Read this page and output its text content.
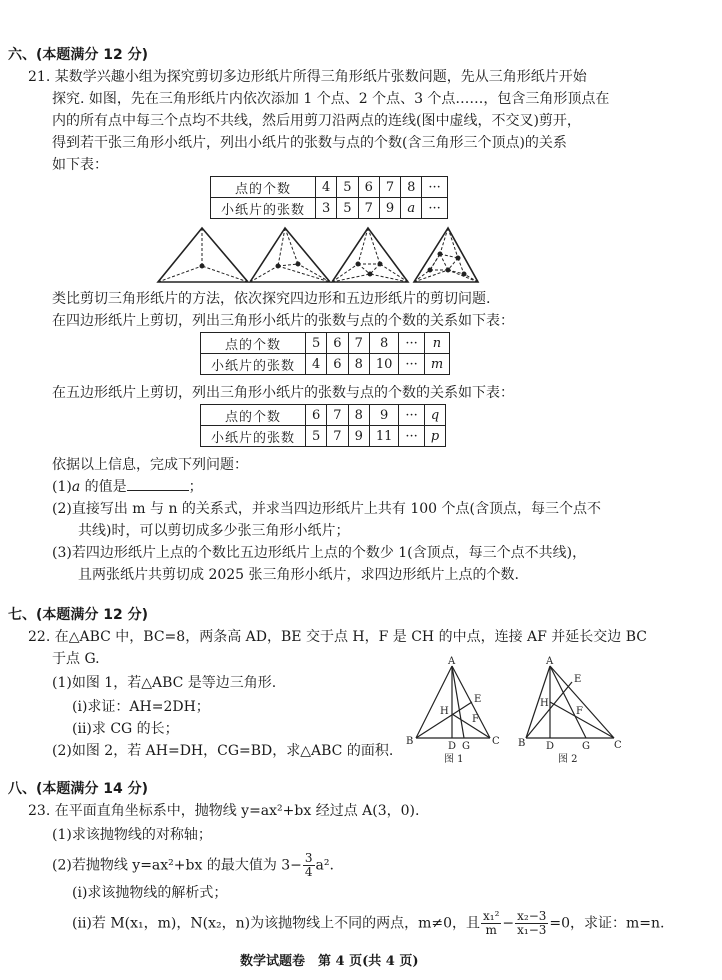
六、(本题满分 12 分)
21. 某数学兴趣小组为探究剪切多边形纸片所得三角形纸片张数问题，先从三角形纸片开始
探究. 如图，先在三角形纸片内依次添加 1 个点、2 个点、3 个点……，包含三角形顶点在
内的所有点中每三个点均不共线，然后用剪刀沿两点的连线(图中虚线，不交叉)剪开，
得到若干张三角形小纸片，列出小纸片的张数与点的个数(含三角形三个顶点)的关系
如下表：
点的个数	4	5	6	7	8	···
小纸片的张数	3	5	7	9	a	···
类比剪切三角形纸片的方法，依次探究四边形和五边形纸片的剪切问题.
在四边形纸片上剪切，列出三角形小纸片的张数与点的个数的关系如下表：
点的个数	5	6	7	8	···	n
小纸片的张数	4	6	8	10	···	m
在五边形纸片上剪切，列出三角形小纸片的张数与点的个数的关系如下表：
点的个数	6	7	8	9	···	q
小纸片的张数	5	7	9	11	···	p
依据以上信息，完成下列问题：
(1)a 的值是	；
(2)直接写出 m 与 n 的关系式，并求当四边形纸片上共有 100 个点(含顶点，每三个点不
共线)时，可以剪切成多少张三角形小纸片；
(3)若四边形纸片上点的个数比五边形纸片上点的个数少 1(含顶点，每三个点不共线)，
且两张纸片共剪切成 2025 张三角形小纸片，求四边形纸片上点的个数.
七、(本题满分 12 分)
22. 在△ABC 中，BC=8，两条高 AD，BE 交于点 H，F 是 CH 的中点，连接 AF 并延长交边 BC
于点 G.
(1)如图 1，若△ABC 是等边三角形.
(ⅰ)求证：AH=2DH；
(ⅱ)求 CG 的长；
(2)如图 2，若 AH=DH，CG=BD，求△ABC 的面积.
A
B	C
D
E
F
G
H
图 1
A
B	C
D
E
F
G
H
图 2
八、(本题满分 14 分)
23. 在平面直角坐标系中，抛物线 y=ax²+bx 经过点 A(3，0).
(1)求该抛物线的对称轴；
(2)若抛物线 y=ax²+bx 的最大值为 $3- \frac{3}{4} a^2$.
(ⅰ)求该抛物线的解析式；
(ⅱ)若 M(x₁，m)，N(x₂，n)为该抛物线上不同的两点，m≠0，且 $\frac{\text{x₁²}}{m} - \frac{\text{x₂−3}}{\text{x₁−3}} =0$，求证：m=n.
数学试题卷　第 4 页(共 4 页)
